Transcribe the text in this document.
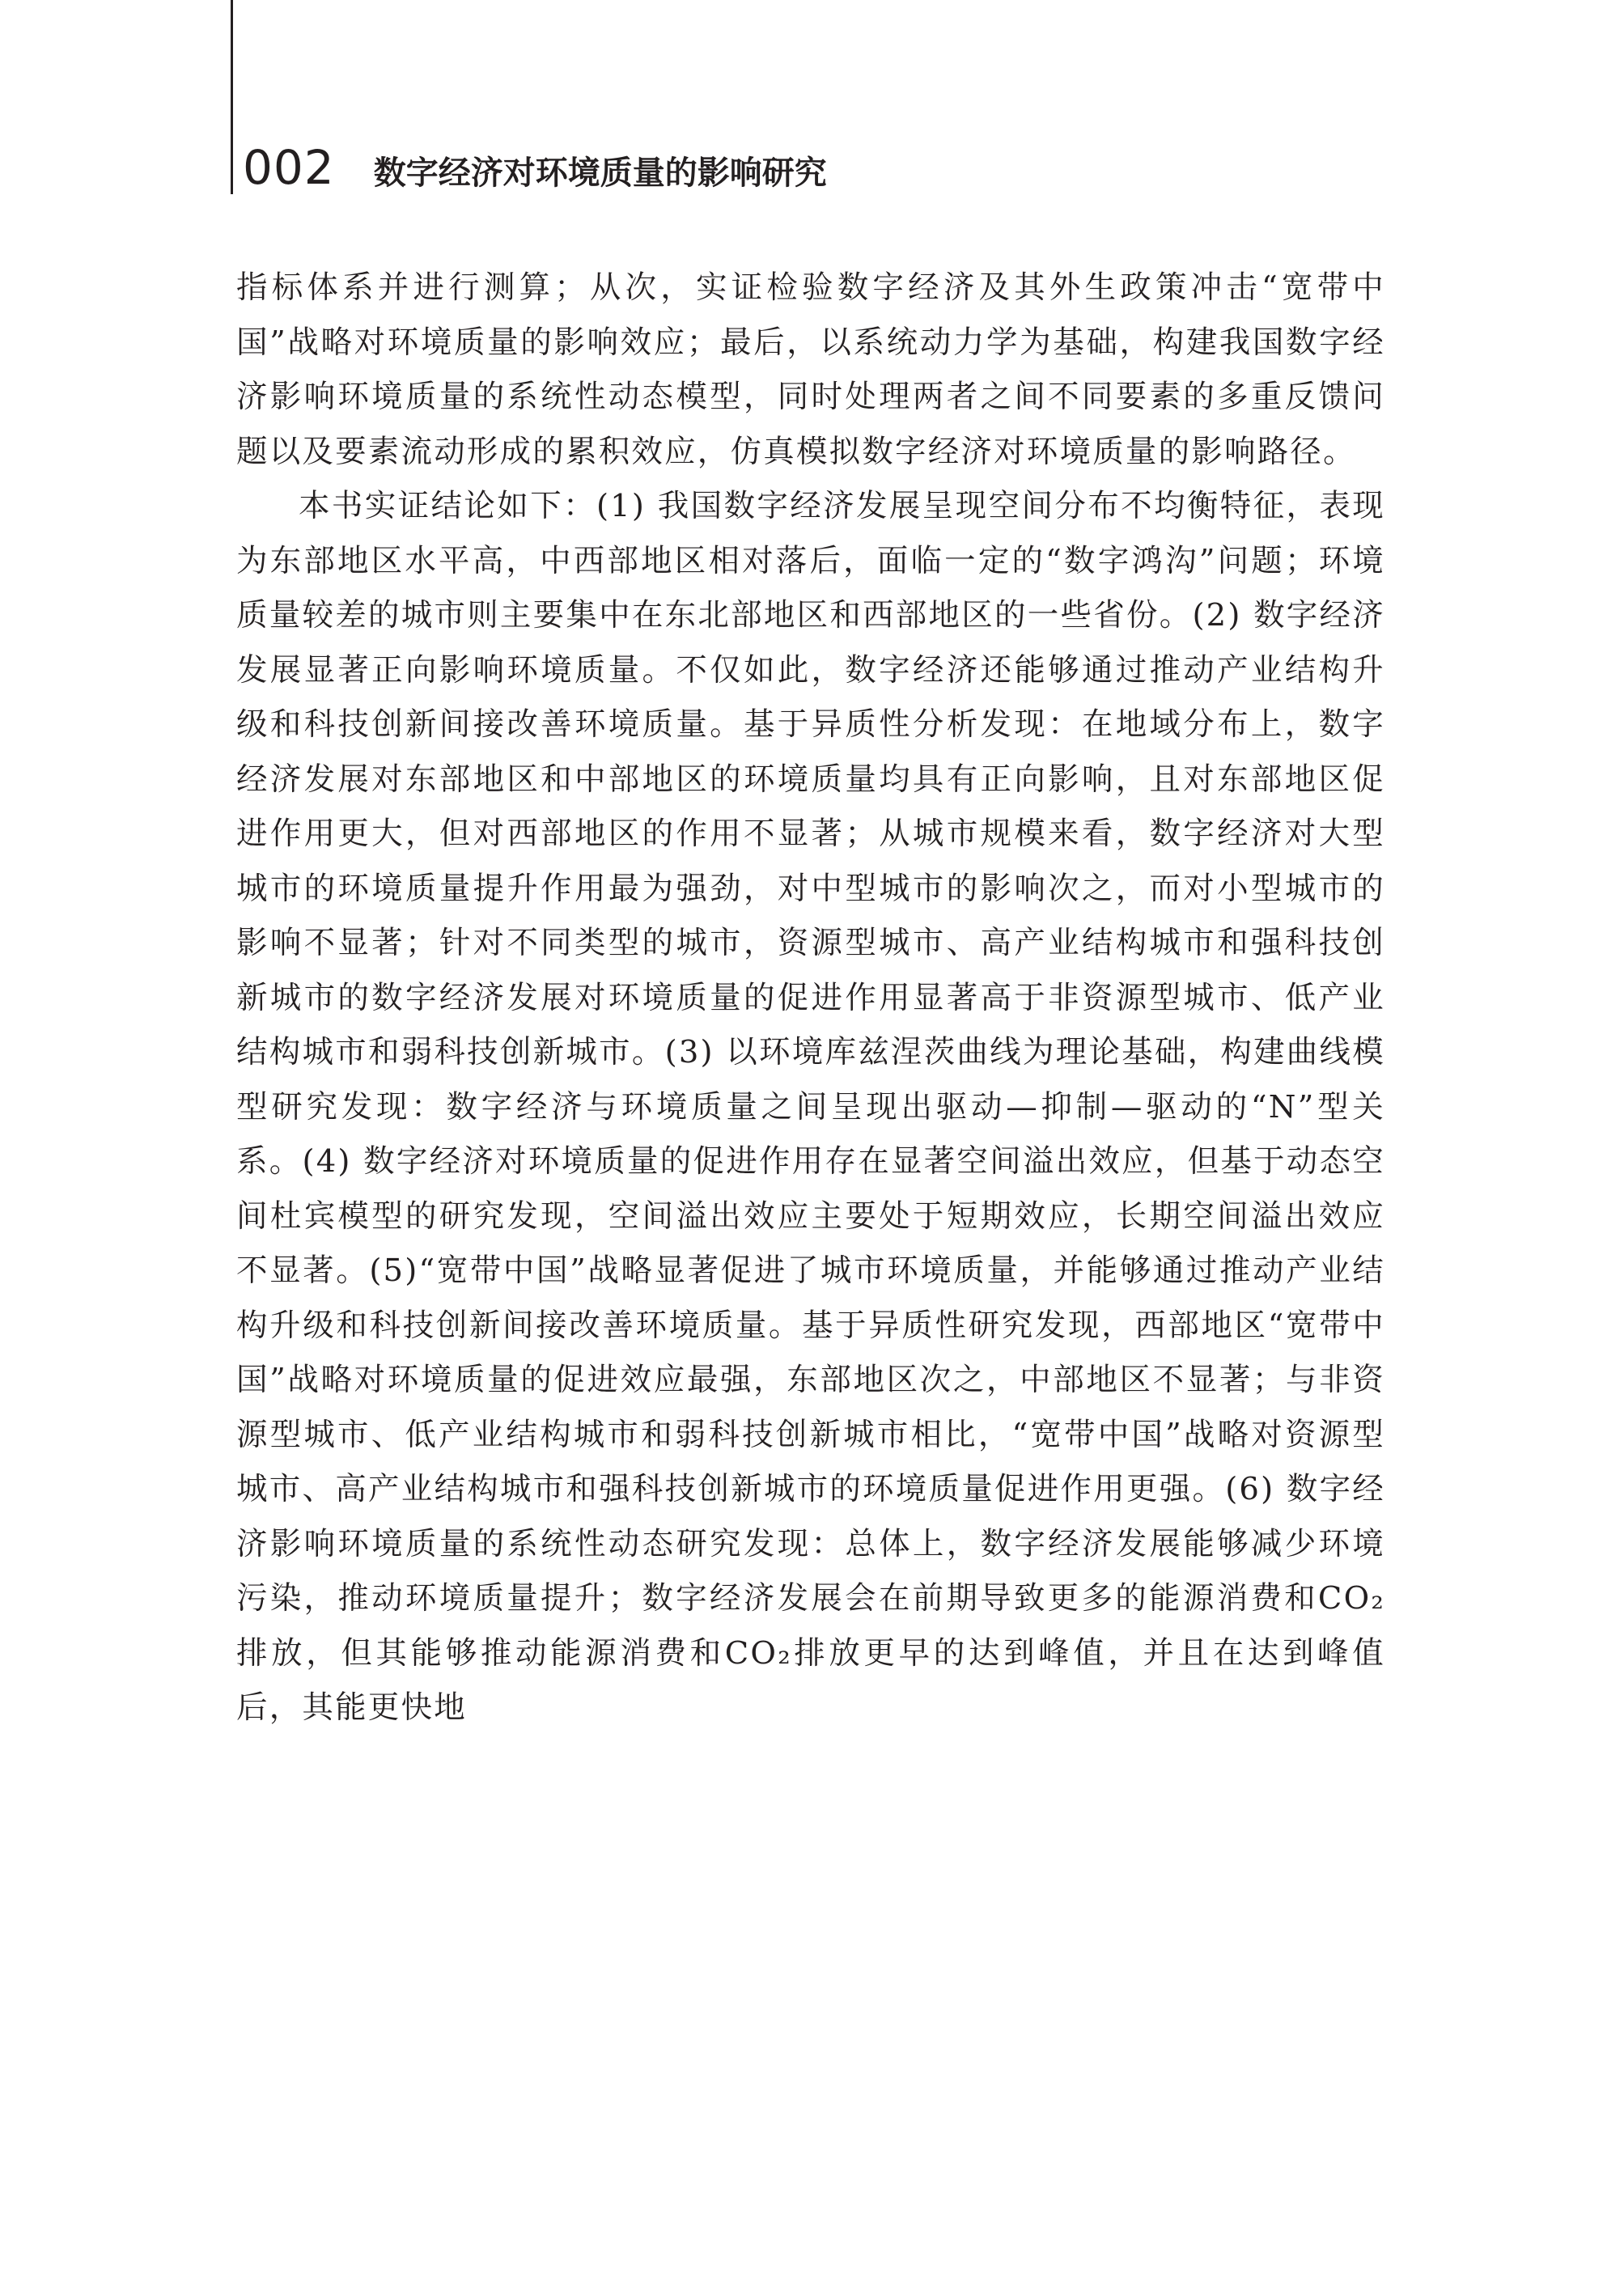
002 数字经济对环境质量的影响研究

指标体系并进行测算；从次，实证检验数字经济及其外生政策冲击“宽带中国”战略对环境质量的影响效应；最后，以系统动力学为基础，构建我国数字经济影响环境质量的系统性动态模型，同时处理两者之间不同要素的多重反馈问题以及要素流动形成的累积效应，仿真模拟数字经济对环境质量的影响路径。

本书实证结论如下：(1) 我国数字经济发展呈现空间分布不均衡特征，表现为东部地区水平高，中西部地区相对落后，面临一定的“数字鸿沟”问题；环境质量较差的城市则主要集中在东北部地区和西部地区的一些省份。(2) 数字经济发展显著正向影响环境质量。不仅如此，数字经济还能够通过推动产业结构升级和科技创新间接改善环境质量。基于异质性分析发现：在地域分布上，数字经济发展对东部地区和中部地区的环境质量均具有正向影响，且对东部地区促进作用更大，但对西部地区的作用不显著；从城市规模来看，数字经济对大型城市的环境质量提升作用最为强劲，对中型城市的影响次之，而对小型城市的影响不显著；针对不同类型的城市，资源型城市、高产业结构城市和强科技创新城市的数字经济发展对环境质量的促进作用显著高于非资源型城市、低产业结构城市和弱科技创新城市。(3) 以环境库兹涅茨曲线为理论基础，构建曲线模型研究发现：数字经济与环境质量之间呈现出驱动—抑制—驱动的“N”型关系。(4) 数字经济对环境质量的促进作用存在显著空间溢出效应，但基于动态空间杜宾模型的研究发现，空间溢出效应主要处于短期效应，长期空间溢出效应不显著。(5)“宽带中国”战略显著促进了城市环境质量，并能够通过推动产业结构升级和科技创新间接改善环境质量。基于异质性研究发现，西部地区“宽带中国”战略对环境质量的促进效应最强，东部地区次之，中部地区不显著；与非资源型城市、低产业结构城市和弱科技创新城市相比，“宽带中国”战略对资源型城市、高产业结构城市和强科技创新城市的环境质量促进作用更强。(6) 数字经济影响环境质量的系统性动态研究发现：总体上，数字经济发展能够减少环境污染，推动环境质量提升；数字经济发展会在前期导致更多的能源消费和CO₂排放，但其能够推动能源消费和CO₂排放更早的达到峰值，并且在达到峰值后，其能更快地
